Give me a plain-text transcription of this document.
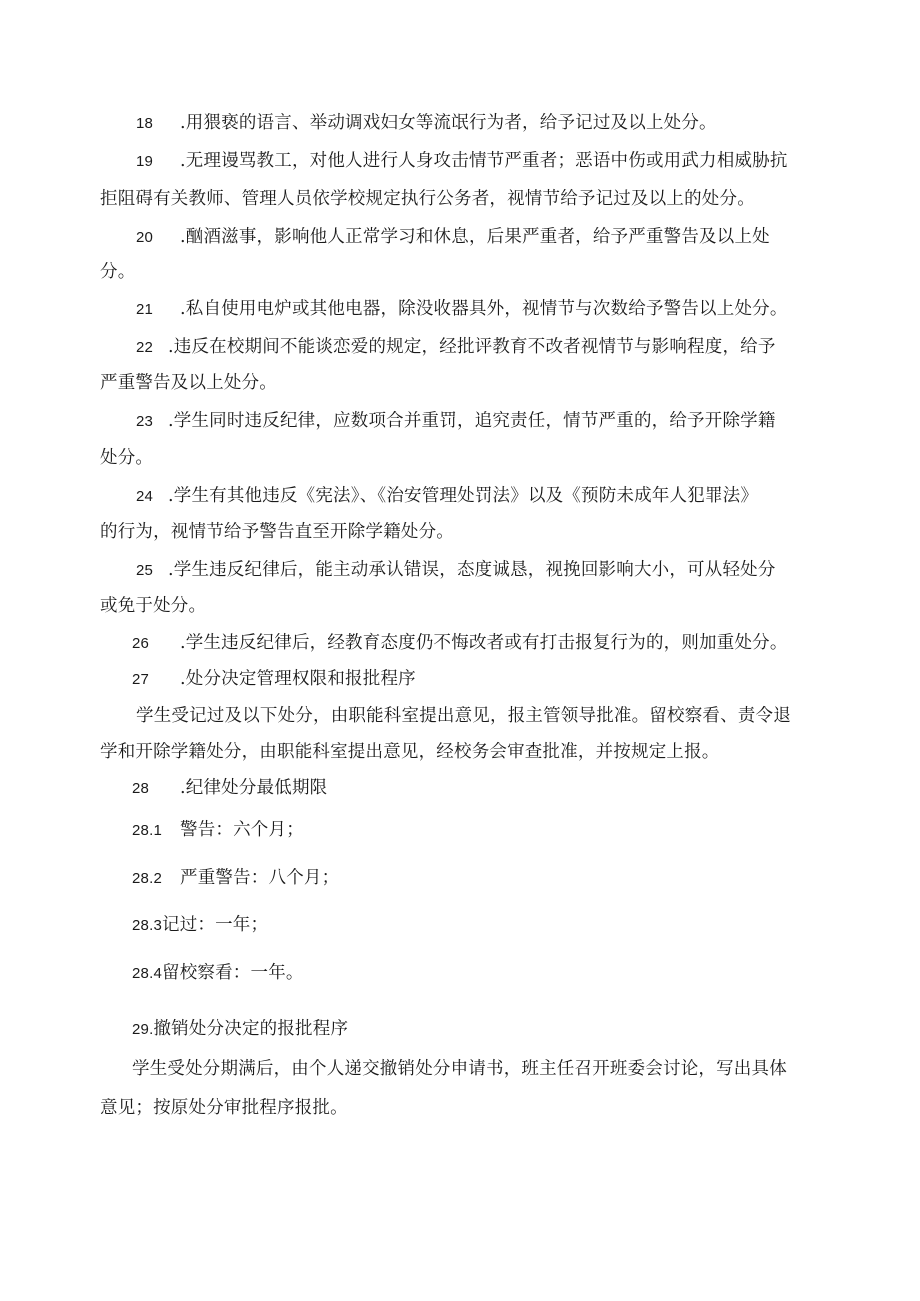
18 .用猥亵的语言、举动调戏妇女等流氓行为者，给予记过及以上处分。
19 .无理谩骂教工，对他人进行人身攻击情节严重者；恶语中伤或用武力相威胁抗
拒阻碍有关教师、管理人员依学校规定执行公务者，视情节给予记过及以上的处分。
20 .酗酒滋事，影响他人正常学习和休息，后果严重者，给予严重警告及以上处
分。
21 .私自使用电炉或其他电器，除没收器具外，视情节与次数给予警告以上处分。
22 .违反在校期间不能谈恋爱的规定，经批评教育不改者视情节与影响程度，给予
严重警告及以上处分。
23 .学生同时违反纪律，应数项合并重罚，追究责任，情节严重的，给予开除学籍
处分。
24 .学生有其他违反《宪法》、《治安管理处罚法》以及《预防未成年人犯罪法》
的行为，视情节给予警告直至开除学籍处分。
25 .学生违反纪律后，能主动承认错误，态度诚恳，视挽回影响大小，可从轻处分
或免于处分。
26 .学生违反纪律后，经教育态度仍不悔改者或有打击报复行为的，则加重处分。
27 .处分决定管理权限和报批程序
学生受记过及以下处分，由职能科室提出意见，报主管领导批准。留校察看、责令退
学和开除学籍处分，由职能科室提出意见，经校务会审查批准，并按规定上报。
28 .纪律处分最低期限
28.1 警告：六个月；
28.2 严重警告：八个月；
28.3记过：一年；
28.4留校察看：一年。
29.撤销处分决定的报批程序
学生受处分期满后，由个人递交撤销处分申请书，班主任召开班委会讨论，写出具体
意见；按原处分审批程序报批。
